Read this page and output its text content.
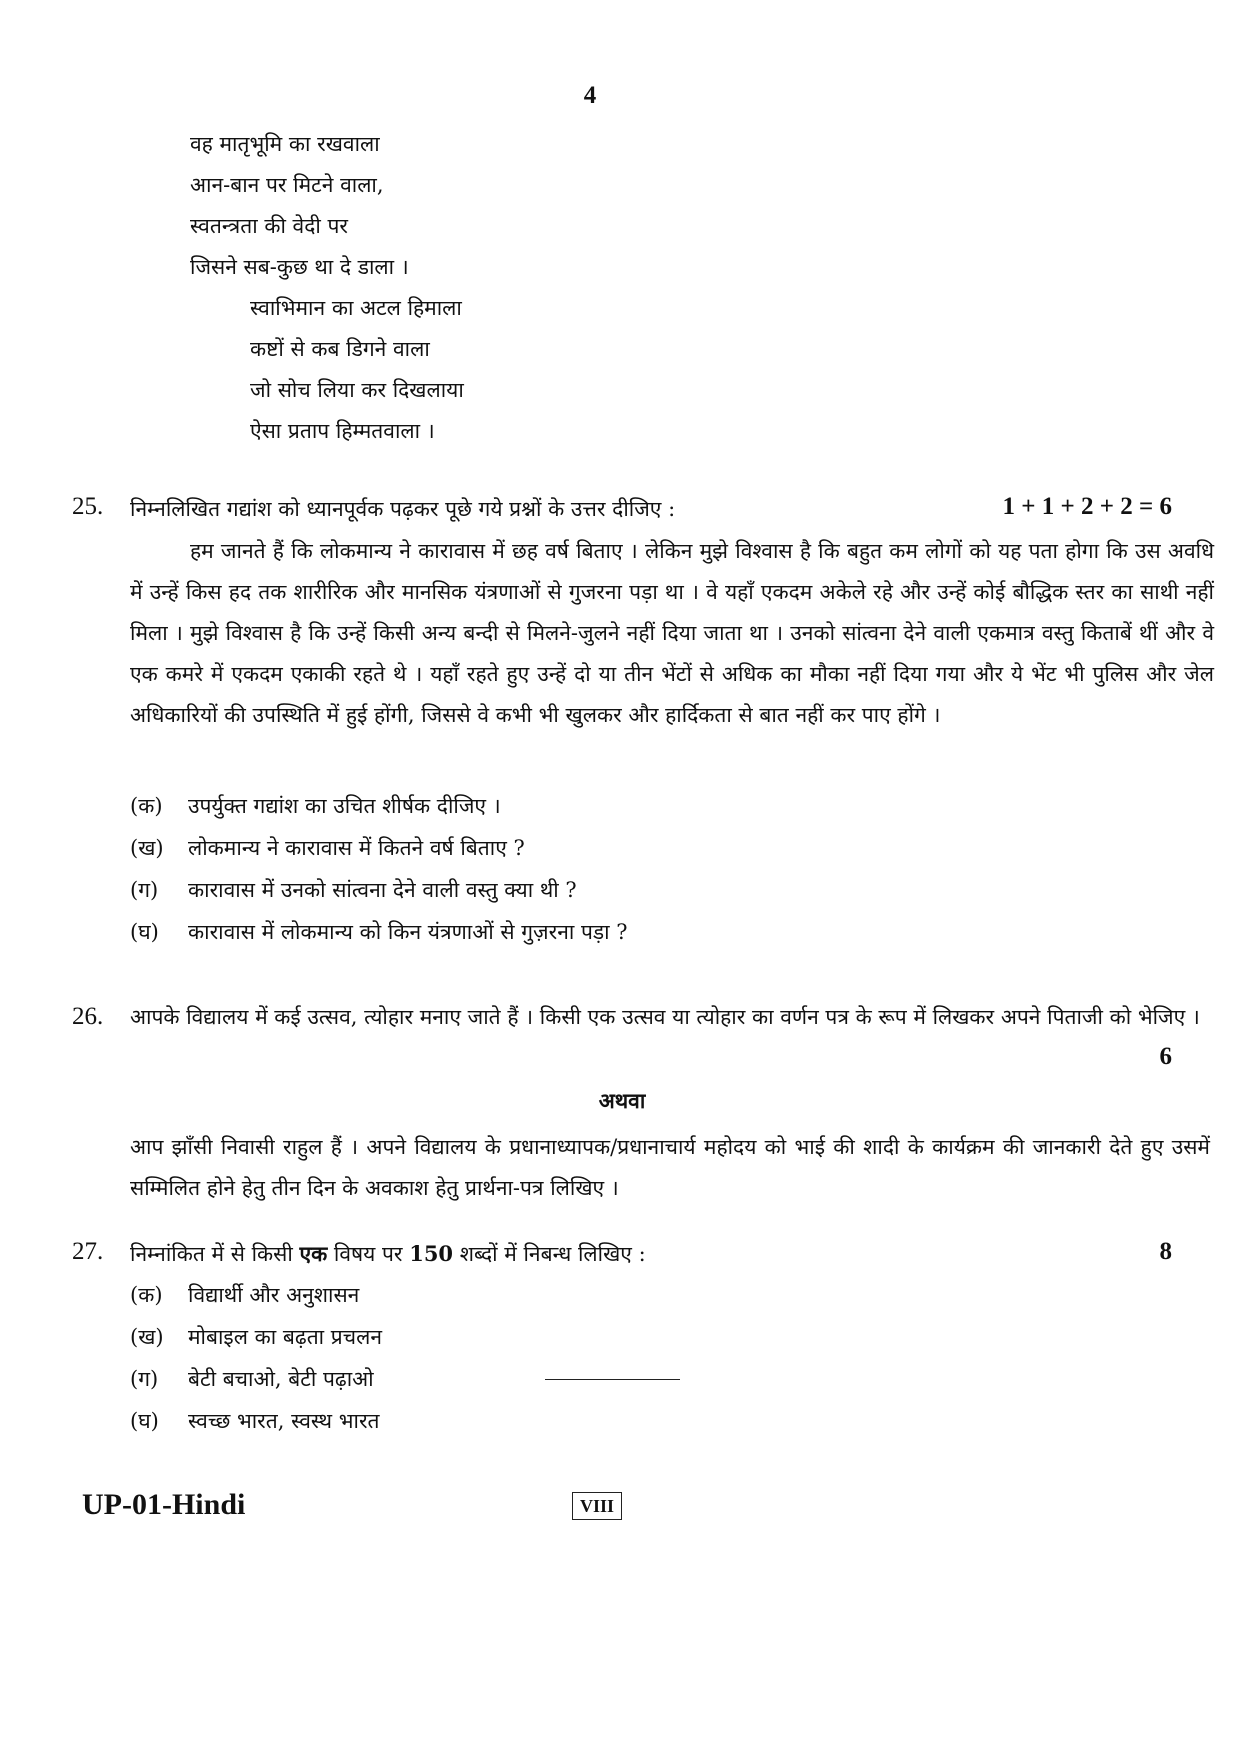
4
वह मातृभूमि का रखवाला
आन-बान पर मिटने वाला,
स्वतन्त्रता की वेदी पर
जिसने सब-कुछ था दे डाला ।
स्वाभिमान का अटल हिमाला
कष्टों से कब डिगने वाला
जो सोच लिया कर दिखलाया
ऐसा प्रताप हिम्मतवाला ।
25. निम्नलिखित गद्यांश को ध्यानपूर्वक पढ़कर पूछे गये प्रश्नों के उत्तर दीजिए :	1 + 1 + 2 + 2 = 6
हम जानते हैं कि लोकमान्य ने कारावास में छह वर्ष बिताए । लेकिन मुझे विश्वास है कि बहुत कम लोगों को यह पता होगा कि उस अवधि में उन्हें किस हद तक शारीरिक और मानसिक यंत्रणाओं से गुजरना पड़ा था । वे यहाँ एकदम अकेले रहे और उन्हें कोई बौद्धिक स्तर का साथी नहीं मिला । मुझे विश्वास है कि उन्हें किसी अन्य बन्दी से मिलने-जुलने नहीं दिया जाता था । उनको सांत्वना देने वाली एकमात्र वस्तु किताबें थीं और वे एक कमरे में एकदम एकाकी रहते थे । यहाँ रहते हुए उन्हें दो या तीन भेंटों से अधिक का मौका नहीं दिया गया और ये भेंट भी पुलिस और जेल अधिकारियों की उपस्थिति में हुई होंगी, जिससे वे कभी भी खुलकर और हार्दिकता से बात नहीं कर पाए होंगे ।
(क) उपर्युक्त गद्यांश का उचित शीर्षक दीजिए ।
(ख) लोकमान्य ने कारावास में कितने वर्ष बिताए ?
(ग) कारावास में उनको सांत्वना देने वाली वस्तु क्या थी ?
(घ) कारावास में लोकमान्य को किन यंत्रणाओं से गुज़रना पड़ा ?
26. आपके विद्यालय में कई उत्सव, त्योहार मनाए जाते हैं । किसी एक उत्सव या त्योहार का वर्णन पत्र के रूप में लिखकर अपने पिताजी को भेजिए ।
6
अथवा
आप झाँसी निवासी राहुल हैं । अपने विद्यालय के प्रधानाध्यापक/प्रधानाचार्य महोदय को भाई की शादी के कार्यक्रम की जानकारी देते हुए उसमें सम्मिलित होने हेतु तीन दिन के अवकाश हेतु प्रार्थना-पत्र लिखिए ।
27. निम्नांकित में से किसी एक विषय पर 150 शब्दों में निबन्ध लिखिए :	8
(क) विद्यार्थी और अनुशासन
(ख) मोबाइल का बढ़ता प्रचलन
(ग) बेटी बचाओ, बेटी पढ़ाओ
(घ) स्वच्छ भारत, स्वस्थ भारत
UP-01-Hindi	VIII
